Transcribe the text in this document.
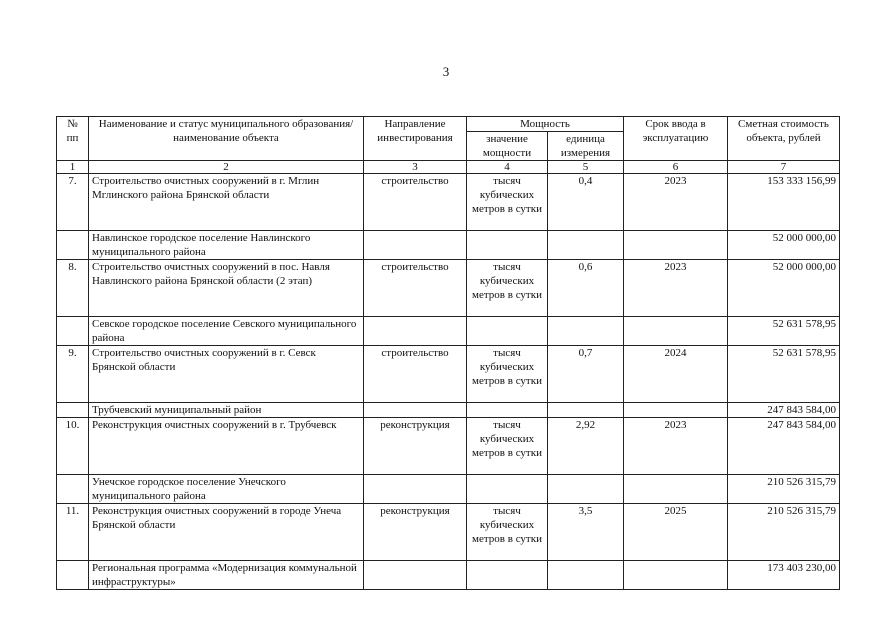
3
№ пп	Наименование и статус муниципального образования/наименование объекта	Направление инвестирования	Мощность		Срок ввода в эксплуатацию	Сметная стоимость объекта, рублей
			значение мощности	единица измерения		
1	2	3	4	5	6	7
7.	Строительство очистных сооружений в г. Мглин Мглинского района Брянской области	строительство	тысяч кубических метров в сутки	0,4	2023	153 333 156,99
	Навлинское городское поселение Навлинского муниципального района					52 000 000,00
8.	Строительство очистных сооружений в пос. Навля Навлинского района Брянской области (2 этап)	строительство	тысяч кубических метров в сутки	0,6	2023	52 000 000,00
	Севское городское поселение Севского муниципального района					52 631 578,95
9.	Строительство очистных сооружений в г. Севск Брянской области	строительство	тысяч кубических метров в сутки	0,7	2024	52 631 578,95
	Трубчевский муниципальный район					247 843 584,00
10.	Реконструкция очистных сооружений в г. Трубчевск	реконструкция	тысяч кубических метров в сутки	2,92	2023	247 843 584,00
	Унечское городское поселение Унечского муниципального района					210 526 315,79
11.	Реконструкция очистных сооружений в городе Унеча Брянской области	реконструкция	тысяч кубических метров в сутки	3,5	2025	210 526 315,79
	Региональная программа «Модернизация коммунальной инфраструктуры»					173 403 230,00
